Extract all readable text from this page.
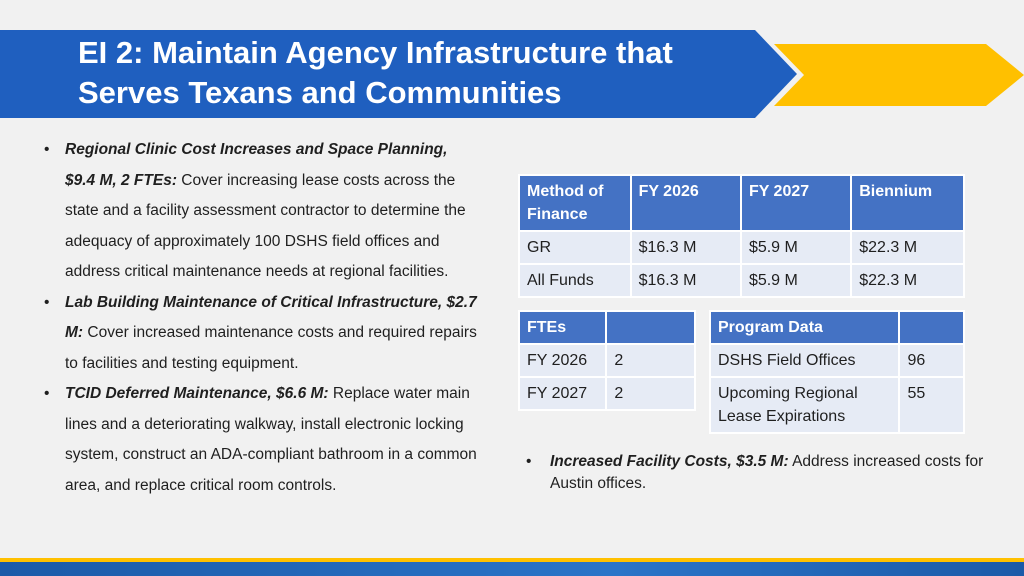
EI 2: Maintain Agency Infrastructure that
Serves Texans and Communities
• Regional Clinic Cost Increases and Space Planning, $9.4 M, 2 FTEs: Cover increasing lease costs across the state and a facility assessment contractor to determine the adequacy of approximately 100 DSHS field offices and address critical maintenance needs at regional facilities.
• Lab Building Maintenance of Critical Infrastructure, $2.7 M: Cover increased maintenance costs and required repairs to facilities and testing equipment.
• TCID Deferred Maintenance, $6.6 M: Replace water main lines and a deteriorating walkway, install electronic locking system, construct an ADA-compliant bathroom in a common area, and replace critical room controls.
Method of Finance	FY 2026	FY 2027	Biennium
GR	$16.3 M	$5.9 M	$22.3 M
All Funds	$16.3 M	$5.9 M	$22.3 M
FTEs	
FY 2026	2
FY 2027	2
Program Data	
DSHS Field Offices	96
Upcoming Regional Lease Expirations	55
• Increased Facility Costs, $3.5 M: Address increased costs for Austin offices.
